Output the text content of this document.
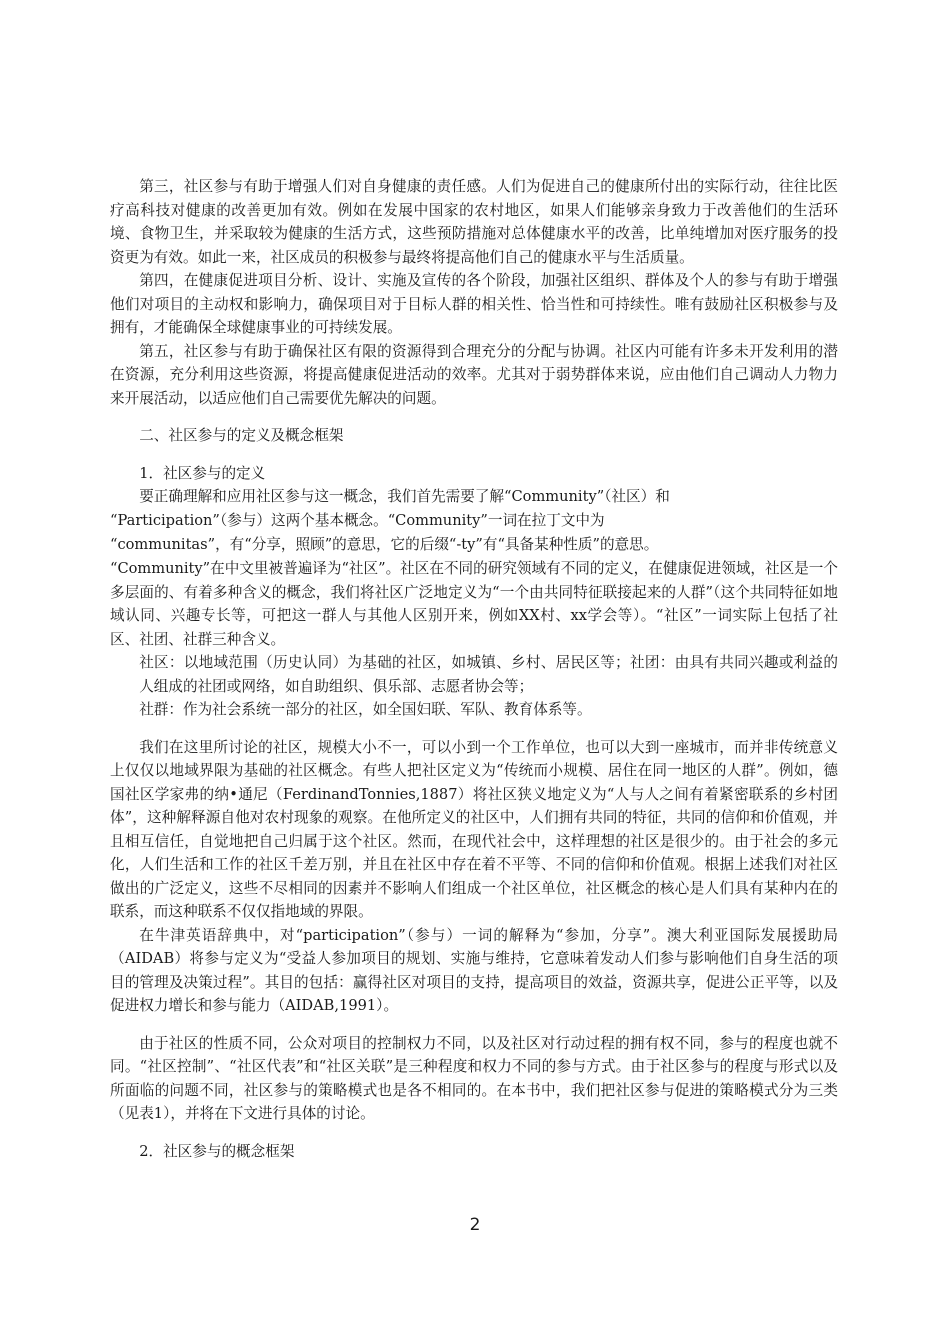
第三，社区参与有助于增强人们对自身健康的责任感。人们为促进自己的健康所付出的实际行动，往往比医疗高科技对健康的改善更加有效。例如在发展中国家的农村地区，如果人们能够亲身致力于改善他们的生活环境、食物卫生，并采取较为健康的生活方式，这些预防措施对总体健康水平的改善，比单纯增加对医疗服务的投资更为有效。如此一来，社区成员的积极参与最终将提高他们自己的健康水平与生活质量。

第四，在健康促进项目分析、设计、实施及宣传的各个阶段，加强社区组织、群体及个人的参与有助于增强他们对项目的主动权和影响力，确保项目对于目标人群的相关性、恰当性和可持续性。唯有鼓励社区积极参与及拥有，才能确保全球健康事业的可持续发展。

第五，社区参与有助于确保社区有限的资源得到合理充分的分配与协调。社区内可能有许多未开发利用的潜在资源，充分利用这些资源，将提高健康促进活动的效率。尤其对于弱势群体来说，应由他们自己调动人力物力来开展活动，以适应他们自己需要优先解决的问题。

二、社区参与的定义及概念框架

1．社区参与的定义

要正确理解和应用社区参与这一概念，我们首先需要了解“Community”（社区）和

“Participation”（参与）这两个基本概念。“Community”一词在拉丁文中为

“communitas”，有“分享，照顾”的意思，它的后缀“-ty”有“具备某种性质”的意思。

“Community”在中文里被普遍译为“社区”。社区在不同的研究领域有不同的定义，在健康促进领域，社区是一个多层面的、有着多种含义的概念，我们将社区广泛地定义为“一个由共同特征联接起来的人群”（这个共同特征如地域认同、兴趣专长等，可把这一群人与其他人区别开来，例如XX村、xx学会等）。“社区”一词实际上包括了社区、社团、社群三种含义。

社区：以地域范围（历史认同）为基础的社区，如城镇、乡村、居民区等；社团：由具有共同兴趣或利益的人组成的社团或网络，如自助组织、俱乐部、志愿者协会等；

社群：作为社会系统一部分的社区，如全国妇联、军队、教育体系等。

我们在这里所讨论的社区，规模大小不一，可以小到一个工作单位，也可以大到一座城市，而并非传统意义上仅仅以地域界限为基础的社区概念。有些人把社区定义为“传统而小规模、居住在同一地区的人群”。例如，德国社区学家弗的纳•通尼（FerdinandTonnies,1887）将社区狭义地定义为“人与人之间有着紧密联系的乡村团体”，这种解释源自他对农村现象的观察。在他所定义的社区中，人们拥有共同的特征，共同的信仰和价值观，并且相互信任，自觉地把自己归属于这个社区。然而，在现代社会中，这样理想的社区是很少的。由于社会的多元化，人们生活和工作的社区千差万别，并且在社区中存在着不平等、不同的信仰和价值观。根据上述我们对社区做出的广泛定义，这些不尽相同的因素并不影响人们组成一个社区单位，社区概念的核心是人们具有某种内在的联系，而这种联系不仅仅指地域的界限。

在牛津英语辞典中，对“participation”（参与）一词的解释为“参加，分享”。澳大利亚国际发展援助局（AIDAB）将参与定义为“受益人参加项目的规划、实施与维持，它意味着发动人们参与影响他们自身生活的项目的管理及决策过程”。其目的包括：赢得社区对项目的支持，提高项目的效益，资源共享，促进公正平等，以及促进权力增长和参与能力（AIDAB,1991）。

由于社区的性质不同，公众对项目的控制权力不同，以及社区对行动过程的拥有权不同，参与的程度也就不同。“社区控制”、“社区代表”和“社区关联”是三种程度和权力不同的参与方式。由于社区参与的程度与形式以及所面临的问题不同，社区参与的策略模式也是各不相同的。在本书中，我们把社区参与促进的策略模式分为三类（见表1），并将在下文进行具体的讨论。

2．社区参与的概念框架

2
